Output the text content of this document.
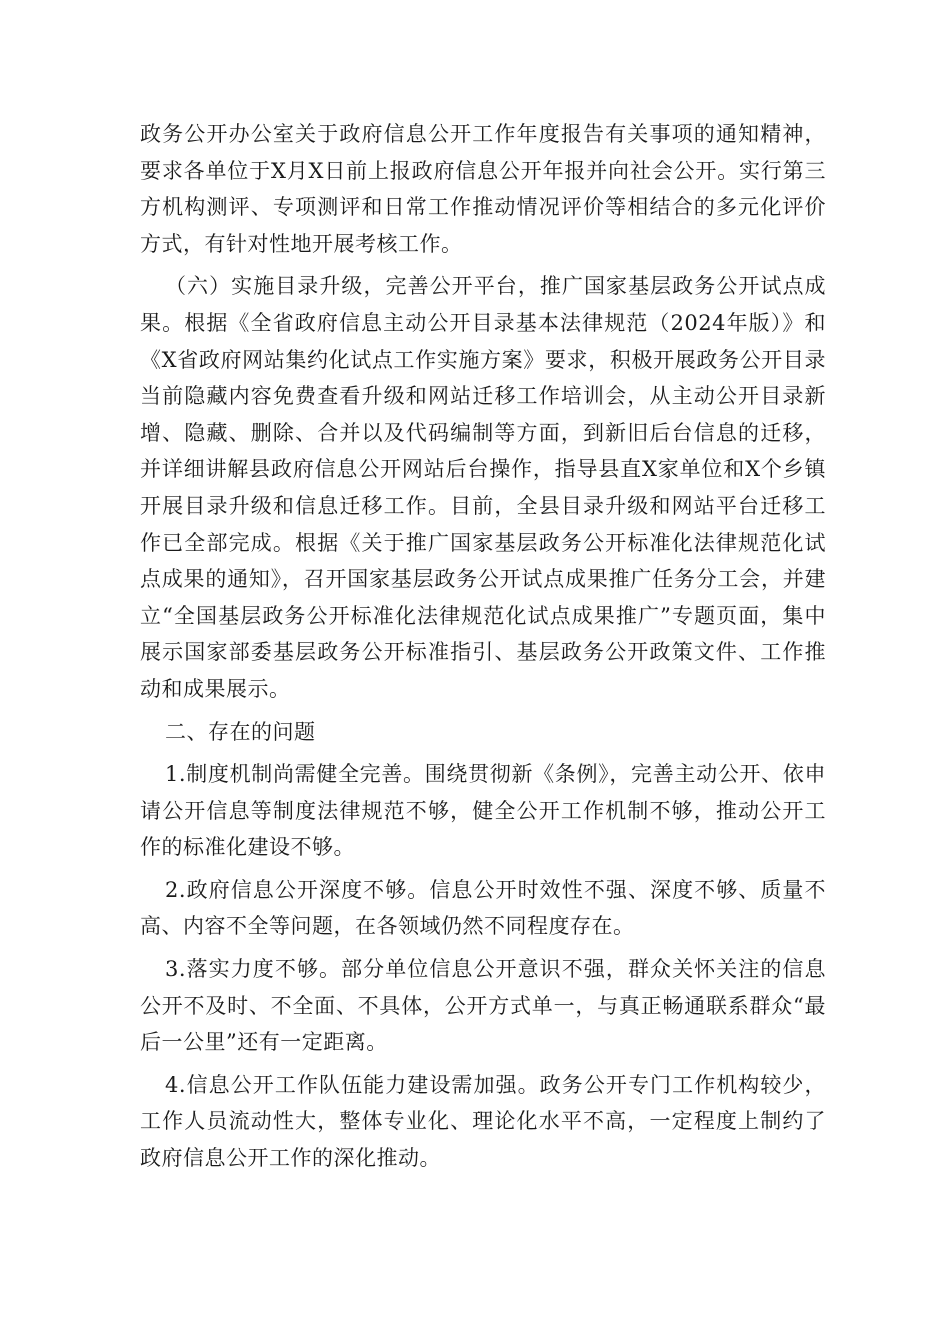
政务公开办公室关于政府信息公开工作年度报告有关事项的通知精神，要求各单位于X月X日前上报政府信息公开年报并向社会公开。实行第三方机构测评、专项测评和日常工作推动情况评价等相结合的多元化评价方式，有针对性地开展考核工作。

（六）实施目录升级，完善公开平台，推广国家基层政务公开试点成果。根据《全省政府信息主动公开目录基本法律规范（2024年版）》和《X省政府网站集约化试点工作实施方案》要求，积极开展政务公开目录当前隐藏内容免费查看升级和网站迁移工作培训会，从主动公开目录新增、隐藏、删除、合并以及代码编制等方面，到新旧后台信息的迁移，并详细讲解县政府信息公开网站后台操作，指导县直X家单位和X个乡镇开展目录升级和信息迁移工作。目前，全县目录升级和网站平台迁移工作已全部完成。根据《关于推广国家基层政务公开标准化法律规范化试点成果的通知》，召开国家基层政务公开试点成果推广任务分工会，并建立“全国基层政务公开标准化法律规范化试点成果推广”专题页面，集中展示国家部委基层政务公开标准指引、基层政务公开政策文件、工作推动和成果展示。

二、存在的问题

1.制度机制尚需健全完善。围绕贯彻新《条例》，完善主动公开、依申请公开信息等制度法律规范不够，健全公开工作机制不够，推动公开工作的标准化建设不够。

2.政府信息公开深度不够。信息公开时效性不强、深度不够、质量不高、内容不全等问题，在各领域仍然不同程度存在。

3.落实力度不够。部分单位信息公开意识不强，群众关怀关注的信息公开不及时、不全面、不具体，公开方式单一，与真正畅通联系群众“最后一公里”还有一定距离。

4.信息公开工作队伍能力建设需加强。政务公开专门工作机构较少，工作人员流动性大，整体专业化、理论化水平不高，一定程度上制约了政府信息公开工作的深化推动。
